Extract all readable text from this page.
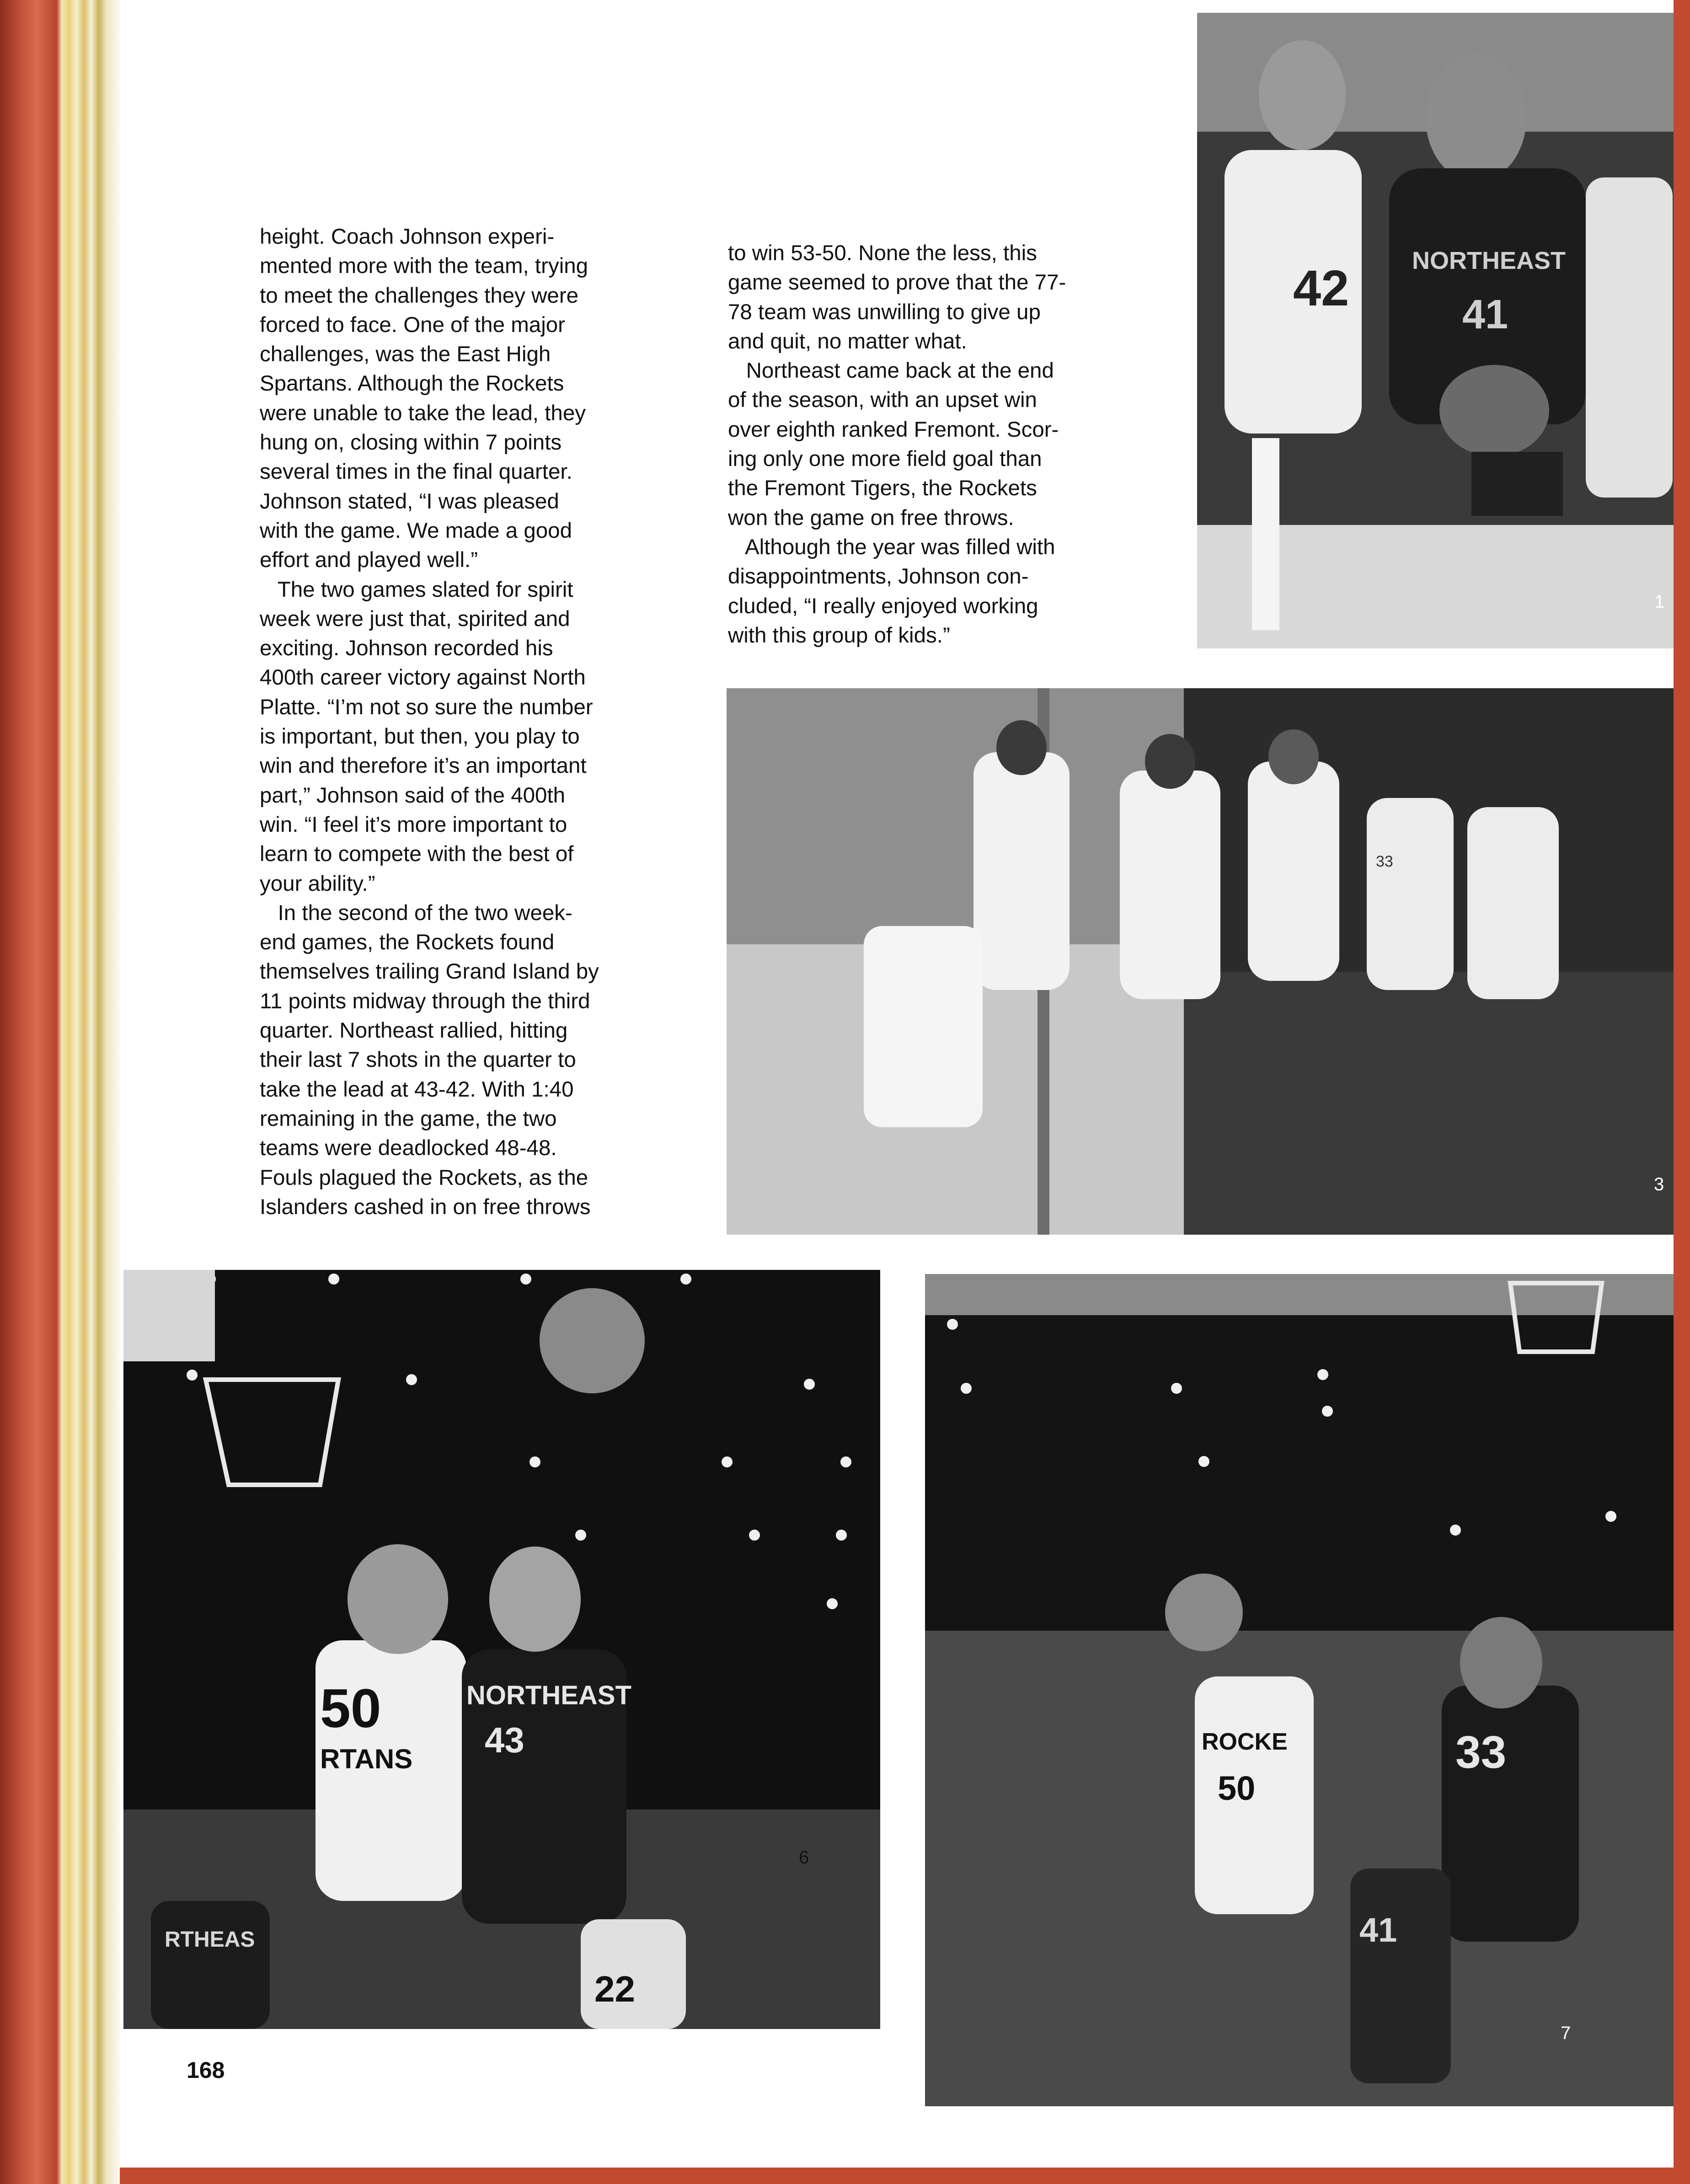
height. Coach Johnson experi-
mented more with the team, trying
to meet the challenges they were
forced to face. One of the major
challenges, was the East High
Spartans. Although the Rockets
were unable to take the lead, they
hung on, closing within 7 points
several times in the final quarter.
Johnson stated, “I was pleased
with the game. We made a good
effort and played well.”
The two games slated for spirit
week were just that, spirited and
exciting. Johnson recorded his
400th career victory against North
Platte. “I’m not so sure the number
is important, but then, you play to
win and therefore it’s an important
part,” Johnson said of the 400th
win. “I feel it’s more important to
learn to compete with the best of
your ability.”
In the second of the two week-
end games, the Rockets found
themselves trailing Grand Island by
11 points midway through the third
quarter. Northeast rallied, hitting
their last 7 shots in the quarter to
take the lead at 43-42. With 1:40
remaining in the game, the two
teams were deadlocked 48-48.
Fouls plagued the Rockets, as the
Islanders cashed in on free throws

to win 53-50. None the less, this
game seemed to prove that the 77-
78 team was unwilling to give up
and quit, no matter what.
Northeast came back at the end
of the season, with an upset win
over eighth ranked Fremont. Scor-
ing only one more field goal than
the Fremont Tigers, the Rockets
won the game on free throws.
Although the year was filled with
disappointments, Johnson con-
cluded, “I really enjoyed working
with this group of kids.”

42	NORTHEAST
41
1
33
3
50
RTANS
NORTHEAST
43
RTHEAS
22
6
ROCKE
50
33
41
7
168
